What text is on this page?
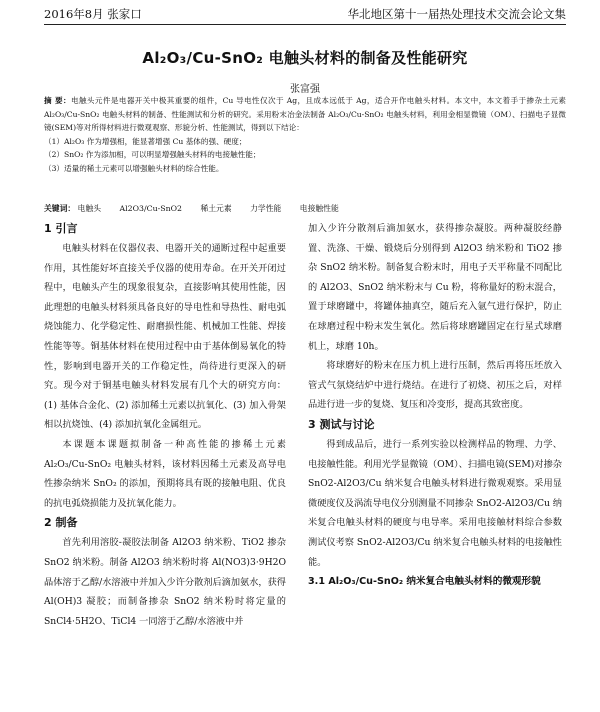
2016年8月 张家口	华北地区第十一届热处理技术交流会论文集
Al₂O₃/Cu-SnO₂ 电触头材料的制备及性能研究
张富强

摘 要：电触头元件是电器开关中极其重要的组件，Cu 导电性仅次于 Ag，且成本远低于 Ag，适合开作电触头材料。本文中，本文着手于掺杂土元素 Al₂O₃/Cu-SnO₂ 电触头材料的制备、性能测试和分析的研究。采用粉末冶金法制备 Al₂O₃/Cu-SnO₂ 电触头材料，利用金相显微镜（OM）、扫描电子显微镜(SEM)等对所得材料进行微观观察、形貌分析、性能测试，得到以下结论：

（1）Al₂O₃ 作为增强相，能显著增强 Cu 基体的强、硬度；
（2）SnO₂ 作为添加相，可以明显增强触头材料的电接触性能；
（3）适量的稀土元素可以增强触头材料的综合性能。
关键词： 电触头 Al2O3/Cu-SnO2 稀土元素 力学性能 电接触性能
1 引言

电触头材料在仪器仪表、电器开关的通断过程中起重要作用，其性能好坏直接关乎仪器的使用寿命。在开关开闭过程中，电触头产生的现象很复杂，直接影响其使用性能，因此理想的电触头材料须具备良好的导电性和导热性、耐电弧烧蚀能力、化学稳定性、耐磨损性能、机械加工性能、焊接性能等等。铜基体材料在使用过程中由于基体倒易氧化的特性，影响到电器开关的工作稳定性，尚待进行更深入的研究。现今对于铜基电触头材料发展有几个大的研究方向：(1) 基体合金化、(2) 添加稀土元素以抗氧化、(3) 加入骨架相以抗烧蚀、(4) 添加抗氧化金属组元。

本课题本课题拟制备一种高性能的掺稀土元素 Al₂O₃/Cu-SnO₂ 电触头材料，该材料因稀土元素及高导电性掺杂纳米 SnO₂ 的添加，预期将具有既的接触电阻、优良的抗电弧烧损能力及抗氧化能力。

2 制备

首先利用溶胶-凝胶法制备 Al2O3 纳米粉、TiO2 掺杂 SnO2 纳米粉。制备 Al2O3 纳米粉时将 Al(NO3)3·9H2O 晶体溶于乙醇/水溶液中并加入少许分散剂后滴加氨水，获得 Al(OH)3 凝胶；而制备掺杂 SnO2 纳米粉时将定量的 SnCl4·5H2O、TiCl4 一同溶于乙醇/水溶液中并

加入少许分散剂后滴加氨水，获得掺杂凝胶。两种凝胶经静置、洗涤、干燥、锻烧后分别得到 Al2O3 纳米粉和 TiO2 掺杂 SnO2 纳米粉。制备复合粉末时，用电子天平称量不同配比的 Al2O3、SnO2 纳米粉末与 Cu 粉，将称量好的粉末混合，置于球磨罐中，将罐体抽真空，随后充入氩气进行保护，防止在球磨过程中粉末发生氧化。然后将球磨罐固定在行星式球磨机上，球磨 10h。

将球磨好的粉末在压力机上进行压制，然后再将压坯放入管式气氛烧结炉中进行烧结。在进行了初烧、初压之后，对样品进行进一步的复烧、复压和冷变形，提高其致密度。

3 测试与讨论

得到成品后，进行一系列实验以检测样品的物理、力学、电接触性能。利用光学显微镜（OM）、扫描电镜(SEM)对掺杂 SnO2-Al2O3/Cu 纳米复合电触头材料进行微观观察。采用显微硬度仪及涡流导电仪分别测量不同掺杂 SnO2-Al2O3/Cu 纳米复合电触头材料的硬度与电导率。采用电接触材料综合参数测试仪考察 SnO2-Al2O3/Cu 纳米复合电触头材料的电接触性能。

3.1 Al₂O₃/Cu-SnO₂ 纳米复合电触头材料的微观形貌
